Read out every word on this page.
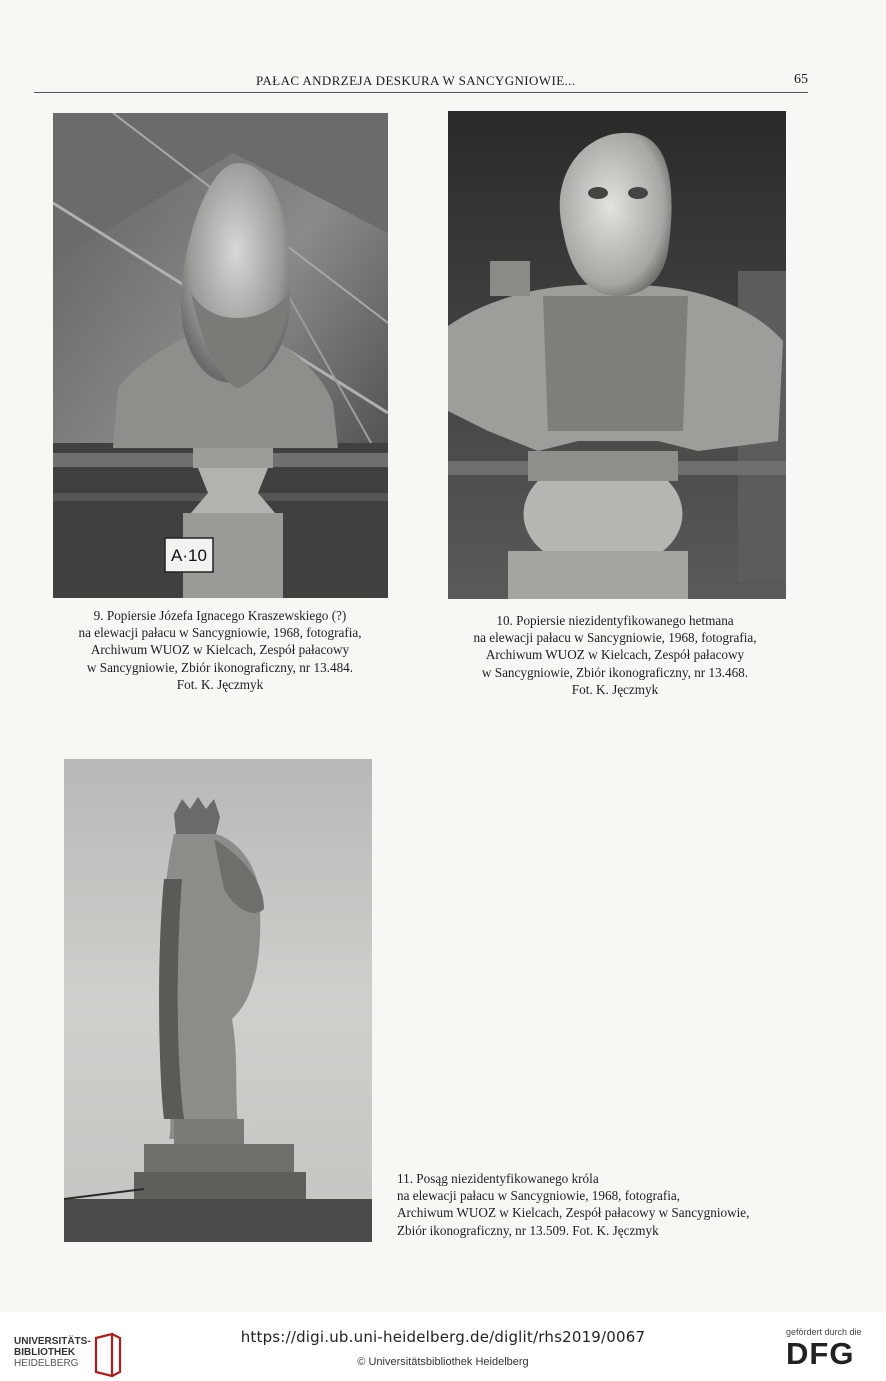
PAŁAC ANDRZEJA DESKURA W SANCYGNIOWIE...	65
A·10
9. Popiersie Józefa Ignacego Kraszewskiego (?)
na elewacji pałacu w Sancygniowie, 1968, fotografia,
Archiwum WUOZ w Kielcach, Zespół pałacowy
w Sancygniowie, Zbiór ikonograficzny, nr 13.484.
Fot. K. Jęczmyk
10. Popiersie niezidentyfikowanego hetmana
na elewacji pałacu w Sancygniowie, 1968, fotografia,
Archiwum WUOZ w Kielcach, Zespół pałacowy
w Sancygniowie, Zbiór ikonograficzny, nr 13.468.
Fot. K. Jęczmyk
11. Posąg niezidentyfikowanego króla
na elewacji pałacu w Sancygniowie, 1968, fotografia,
Archiwum WUOZ w Kielcach, Zespół pałacowy w Sancygniowie,
Zbiór ikonograficzny, nr 13.509. Fot. K. Jęczmyk
UNIVERSITÄTS-
BIBLIOTHEK
HEIDELBERG
https://digi.ub.uni-heidelberg.de/diglit/rhs2019/0067
© Universitätsbibliothek Heidelberg
gefördert durch die
DFG
